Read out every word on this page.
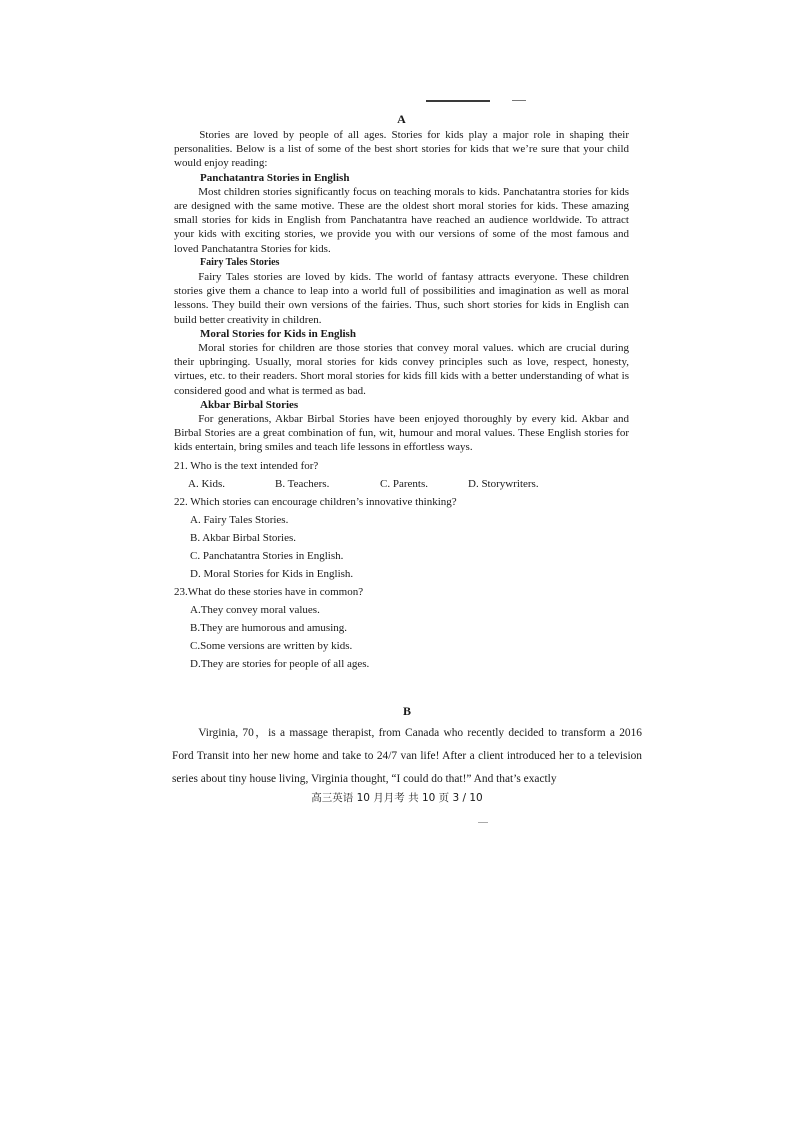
A

Stories are loved by people of all ages. Stories for kids play a major role in shaping their personalities. Below is a list of some of the best short stories for kids that we’re sure that your child would enjoy reading:

Panchatantra Stories in English

Most children stories significantly focus on teaching morals to kids. Panchatantra stories for kids are designed with the same motive. These are the oldest short moral stories for kids. These amazing small stories for kids in English from Panchatantra have reached an audience worldwide. To attract your kids with exciting stories, we provide you with our versions of some of the most famous and loved Panchatantra Stories for kids.

Fairy Tales Stories

Fairy Tales stories are loved by kids. The world of fantasy attracts everyone. These children stories give them a chance to leap into a world full of possibilities and imagination as well as moral lessons. They build their own versions of the fairies. Thus, such short stories for kids in English can build better creativity in children.

Moral Stories for Kids in English

Moral stories for children are those stories that convey moral values. which are crucial during their upbringing. Usually, moral stories for kids convey principles such as love, respect, honesty, virtues, etc. to their readers. Short moral stories for kids fill kids with a better understanding of what is considered good and what is termed as bad.

Akbar Birbal Stories

For generations, Akbar Birbal Stories have been enjoyed thoroughly by every kid. Akbar and Birbal Stories are a great combination of fun, wit, humour and moral values. These English stories for kids entertain, bring smiles and teach life lessons in effortless ways.

21. Who is the text intended for?

A. Kids.	B. Teachers.	C. Parents.	D. Storywriters.

22. Which stories can encourage children’s innovative thinking?

A. Fairy Tales Stories.

B. Akbar Birbal Stories.

C. Panchatantra Stories in English.

D. Moral Stories for Kids in English.

23.What do these stories have in common?

A.They convey moral values.

B.They are humorous and amusing.

C.Some versions are written by kids.

D.They are stories for people of all ages.

B

Virginia, 70，is a massage therapist, from Canada who recently decided to transform a 2016 Ford Transit into her new home and take to 24/7 van life! After a client introduced her to a television series about tiny house living, Virginia thought, “I could do that!” And that’s exactly

高三英语 10 月月考 共 10 页 3 / 10
